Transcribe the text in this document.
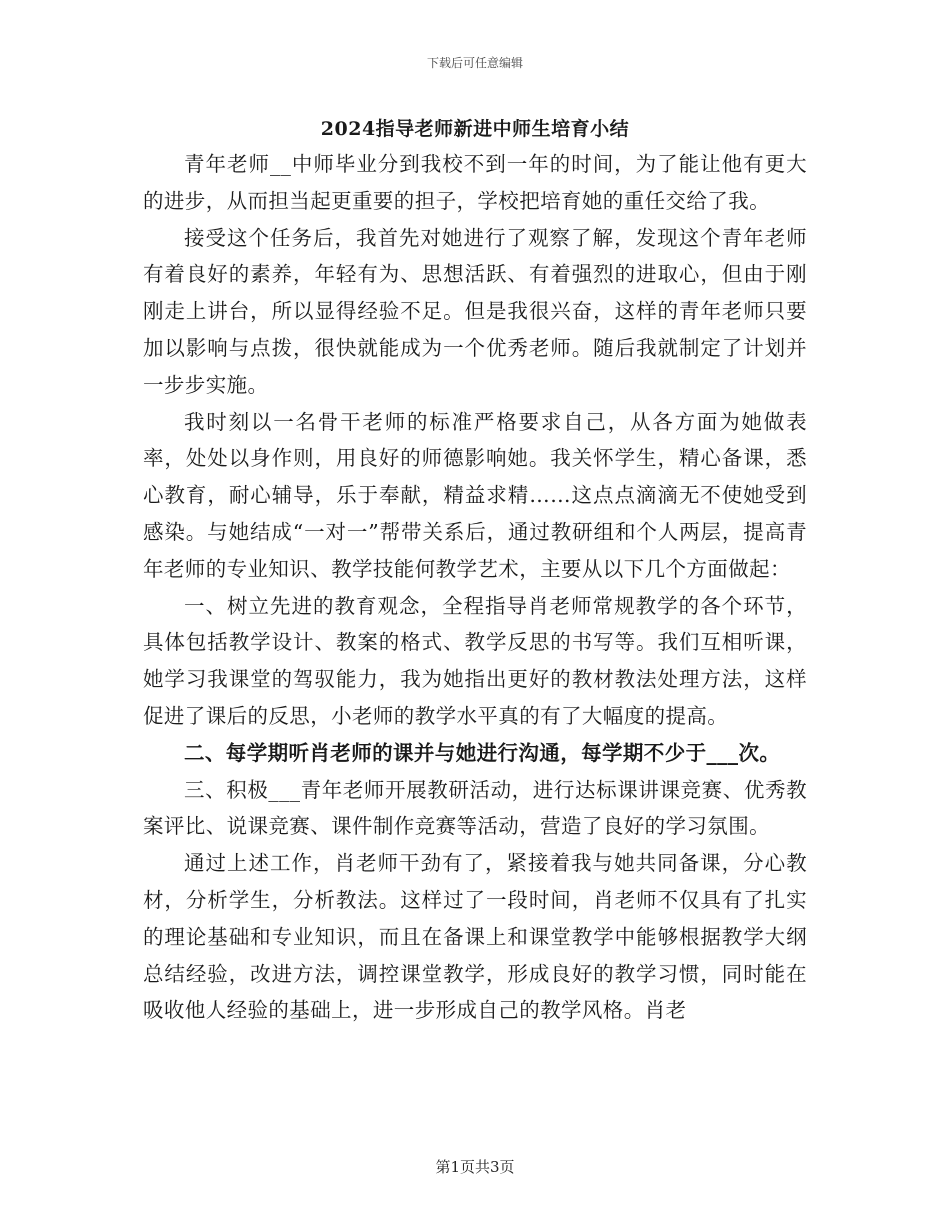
下载后可任意编辑
2024指导老师新进中师生培育小结

青年老师__中师毕业分到我校不到一年的时间，为了能让他有更大的进步，从而担当起更重要的担子，学校把培育她的重任交给了我。

接受这个任务后，我首先对她进行了观察了解，发现这个青年老师有着良好的素养，年轻有为、思想活跃、有着强烈的进取心，但由于刚刚走上讲台，所以显得经验不足。但是我很兴奋，这样的青年老师只要加以影响与点拨，很快就能成为一个优秀老师。随后我就制定了计划并一步步实施。

我时刻以一名骨干老师的标准严格要求自己，从各方面为她做表率，处处以身作则，用良好的师德影响她。我关怀学生，精心备课，悉心教育，耐心辅导，乐于奉献，精益求精……这点点滴滴无不使她受到感染。与她结成“一对一”帮带关系后，通过教研组和个人两层，提高青年老师的专业知识、教学技能何教学艺术，主要从以下几个方面做起：

一、树立先进的教育观念，全程指导肖老师常规教学的各个环节，具体包括教学设计、教案的格式、教学反思的书写等。我们互相听课，她学习我课堂的驾驭能力，我为她指出更好的教材教法处理方法，这样促进了课后的反思，小老师的教学水平真的有了大幅度的提高。

二、每学期听肖老师的课并与她进行沟通，每学期不少于___次。

三、积极___青年老师开展教研活动，进行达标课讲课竞赛、优秀教案评比、说课竞赛、课件制作竞赛等活动，营造了良好的学习氛围。

通过上述工作，肖老师干劲有了，紧接着我与她共同备课，分心教材，分析学生，分析教法。这样过了一段时间，肖老师不仅具有了扎实的理论基础和专业知识，而且在备课上和课堂教学中能够根据教学大纲总结经验，改进方法，调控课堂教学，形成良好的教学习惯，同时能在吸收他人经验的基础上，进一步形成自己的教学风格。肖老

第1页共3页
